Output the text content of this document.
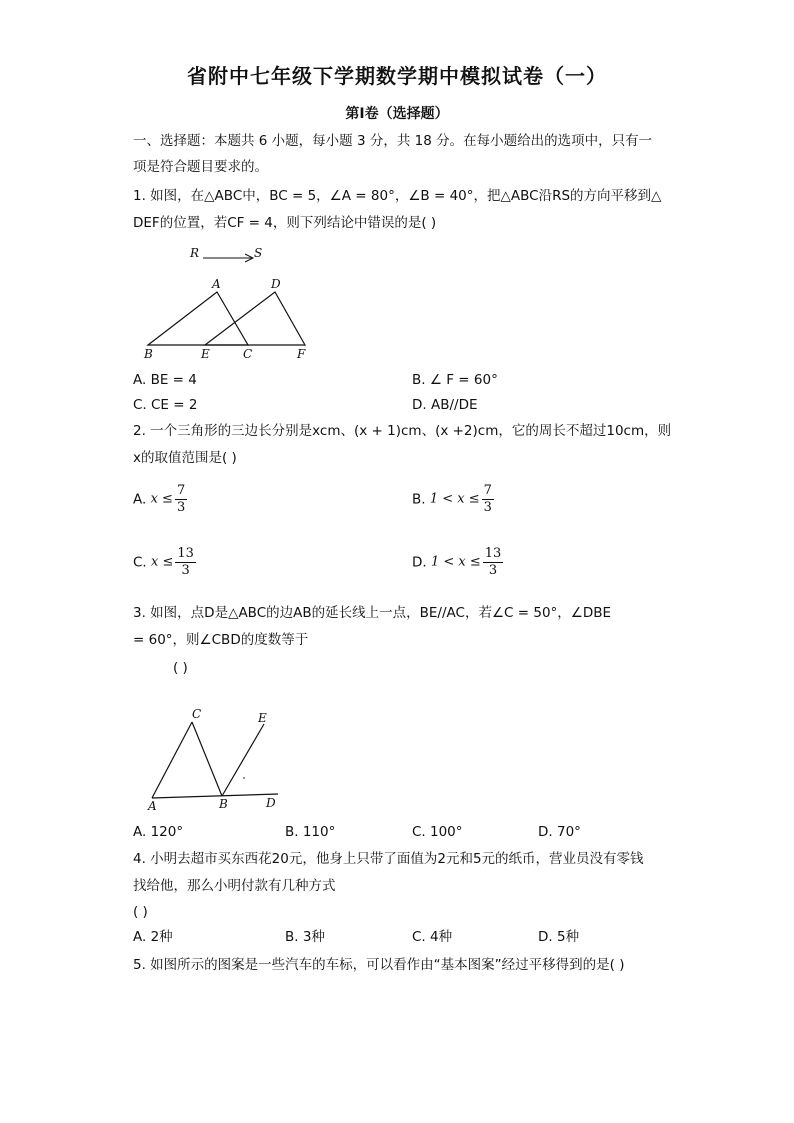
省附中七年级下学期数学期中模拟试卷（一）
第Ⅰ卷（选择题）
一、选择题：本题共 6 小题，每小题 3 分，共 18 分。在每小题给出的选项中，只有一
项是符合题目要求的。
1. 如图，在△ABC中，BC = 5，∠A = 80°，∠B = 40°，把△ABC沿RS的方向平移到△
DEF的位置，若CF = 4，则下列结论中错误的是( )
R	S
A	D
B	E	C	F
A. BE = 4	B. ∠ F = 60°
C. CE = 2	D. AB//DE
2. 一个三角形的三边长分别是xcm、(x + 1)cm、(x +2)cm，它的周长不超过10cm，则
x的取值范围是( )
A. $x \le \frac{7}{3}$	B. $1 < x \le \frac{7}{3}$
C. $x \le \frac{13}{3}$	D. $1 < x \le \frac{13}{3}$
3. 如图，点D是△ABC的边AB的延长线上一点，BE//AC，若∠C = 50°，∠DBE
= 60°，则∠CBD的度数等于
( )
C	E
A	B	D
A. 120°	B. 110°	C. 100°	D. 70°
4. 小明去超市买东西花20元，他身上只带了面值为2元和5元的纸币，营业员没有零钱
找给他，那么小明付款有几种方式
( )
A. 2种	B. 3种	C. 4种	D. 5种
5. 如图所示的图案是一些汽车的车标，可以看作由“基本图案”经过平移得到的是( )
